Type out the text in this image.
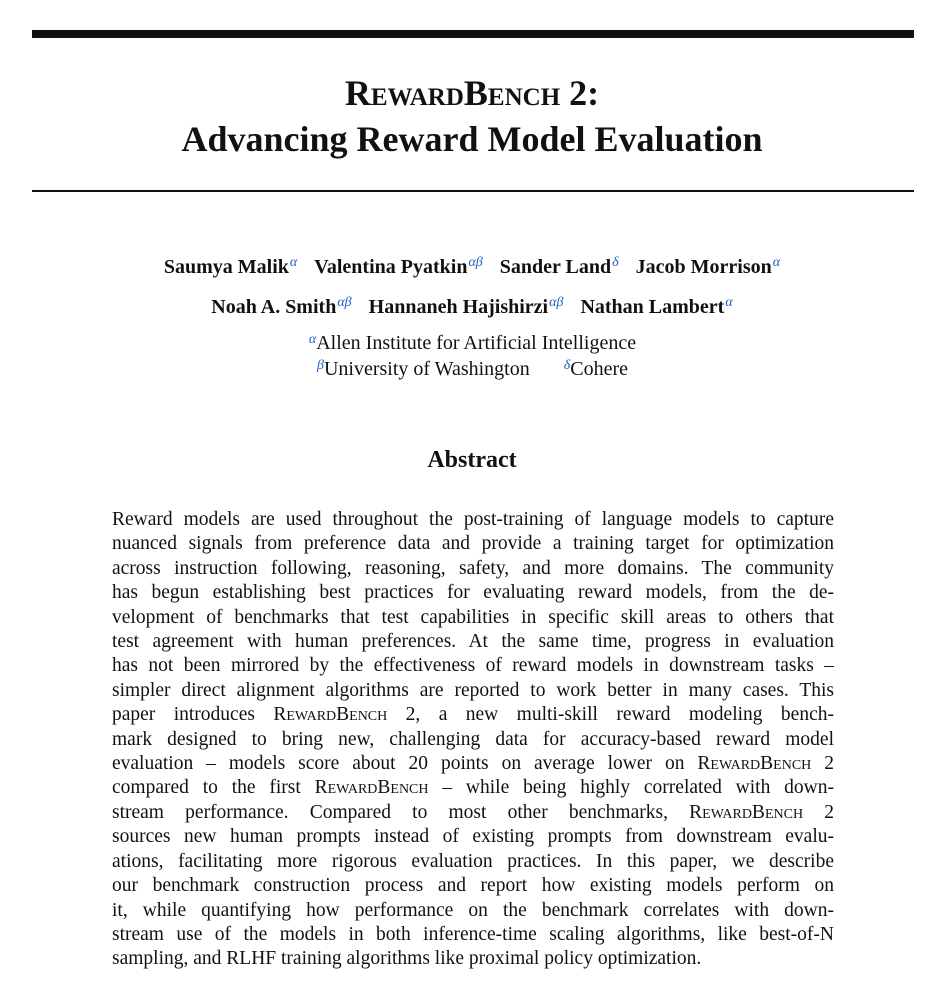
RewardBench 2:
Advancing Reward Model Evaluation
Saumya Malik$^\alpha$ Valentina Pyatkin$^{\alpha\beta}$ Sander Land$^\delta$ Jacob Morrison$^\alpha$
Noah A. Smith$^{\alpha\beta}$ Hannaneh Hajishirzi$^{\alpha\beta}$ Nathan Lambert$^\alpha$
$^\alpha$Allen Institute for Artificial Intelligence
$^\beta$University of Washington $^\delta$Cohere
Abstract
Reward models are used throughout the post-training of language models to capture
nuanced signals from preference data and provide a training target for optimization
across instruction following, reasoning, safety, and more domains. The community
has begun establishing best practices for evaluating reward models, from the de-
velopment of benchmarks that test capabilities in specific skill areas to others that
test agreement with human preferences. At the same time, progress in evaluation
has not been mirrored by the effectiveness of reward models in downstream tasks –
simpler direct alignment algorithms are reported to work better in many cases. This
paper introduces RewardBench 2, a new multi-skill reward modeling bench-
mark designed to bring new, challenging data for accuracy-based reward model
evaluation – models score about 20 points on average lower on RewardBench 2
compared to the first RewardBench – while being highly correlated with down-
stream performance. Compared to most other benchmarks, RewardBench 2
sources new human prompts instead of existing prompts from downstream evalu-
ations, facilitating more rigorous evaluation practices. In this paper, we describe
our benchmark construction process and report how existing models perform on
it, while quantifying how performance on the benchmark correlates with down-
stream use of the models in both inference-time scaling algorithms, like best-of-N
sampling, and RLHF training algorithms like proximal policy optimization.
